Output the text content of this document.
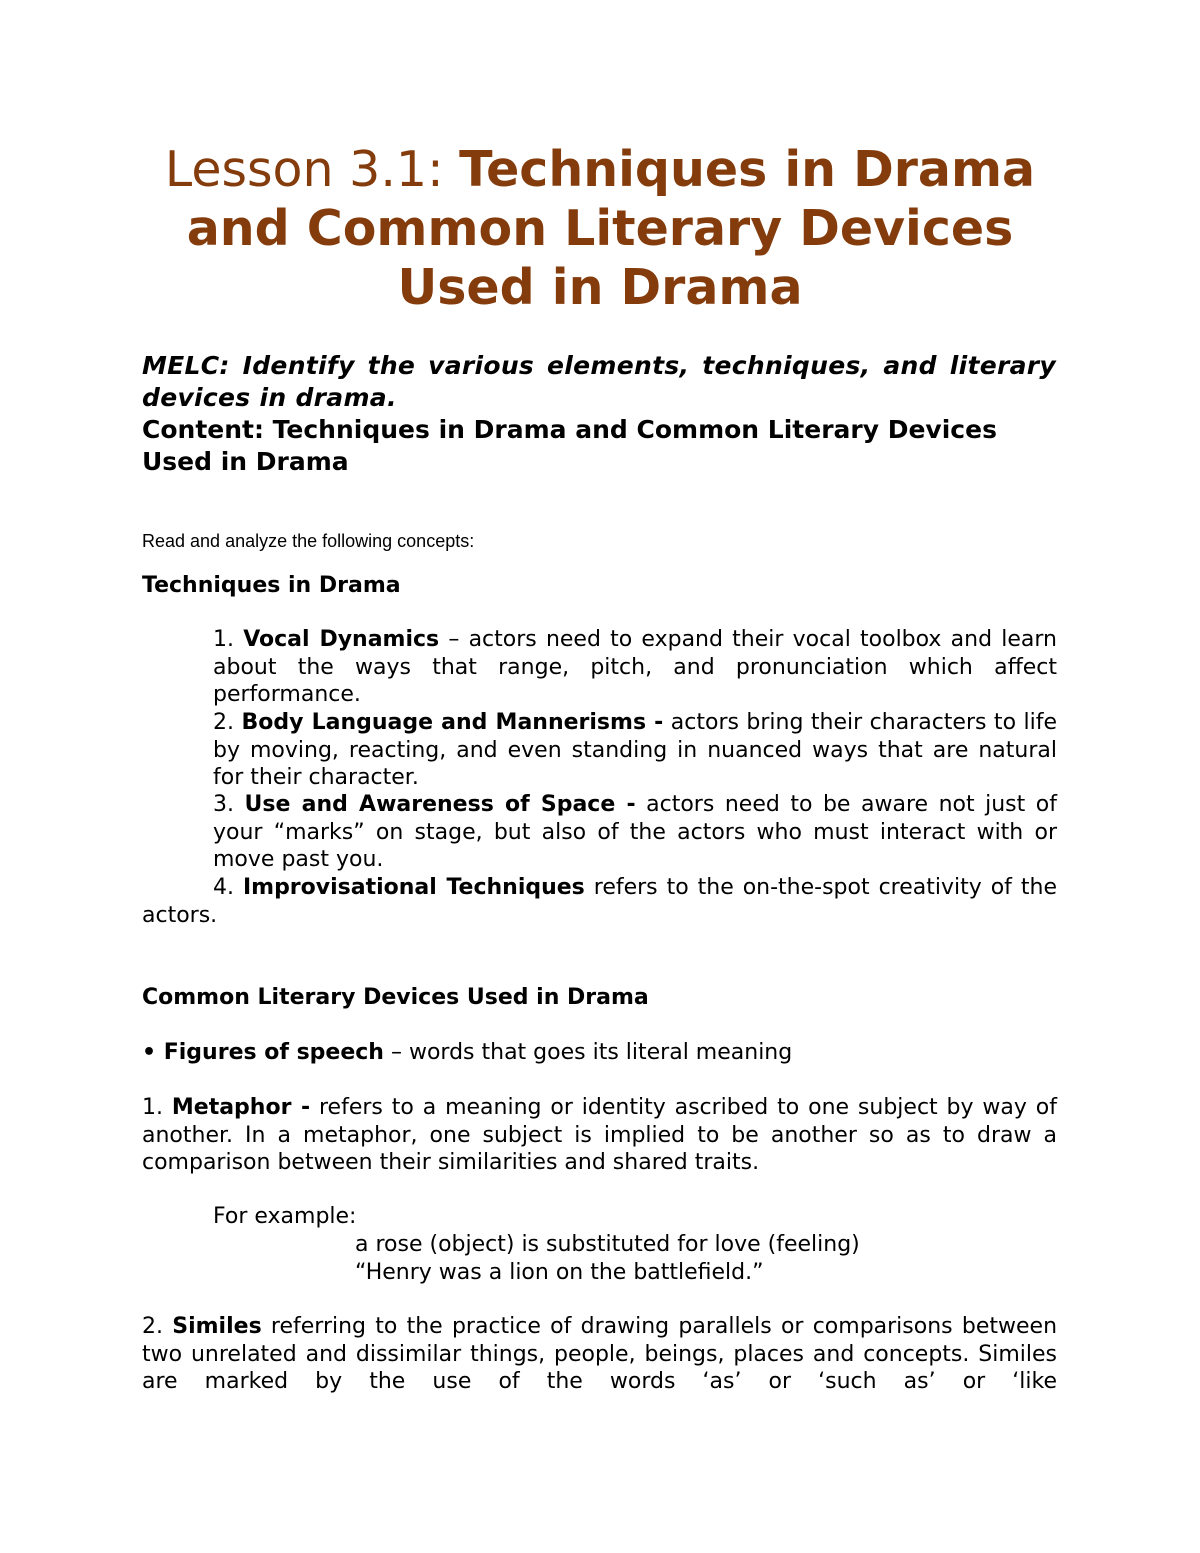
Lesson 3.1: Techniques in Drama and Common Literary Devices Used in Drama
MELC: Identify the various elements, techniques, and literary devices in drama.
Content: Techniques in Drama and Common Literary Devices Used in Drama
Read and analyze the following concepts:
Techniques in Drama
1. Vocal Dynamics – actors need to expand their vocal toolbox and learn about the ways that range, pitch, and pronunciation which affect performance.
2. Body Language and Mannerisms - actors bring their characters to life by moving, reacting, and even standing in nuanced ways that are natural for their character.
3. Use and Awareness of Space - actors need to be aware not just of your “marks” on stage, but also of the actors who must interact with or move past you.
4. Improvisational Techniques refers to the on-the-spot creativity of the actors.
Common Literary Devices Used in Drama
• Figures of speech – words that goes its literal meaning
1. Metaphor - refers to a meaning or identity ascribed to one subject by way of another. In a metaphor, one subject is implied to be another so as to draw a comparison between their similarities and shared traits.
For example:
a rose (object) is substituted for love (feeling)
“Henry was a lion on the battlefield.”
2. Similes referring to the practice of drawing parallels or comparisons between two unrelated and dissimilar things, people, beings, places and concepts. Similes are marked by the use of the words ‘as’ or ‘such as’ or ‘like
